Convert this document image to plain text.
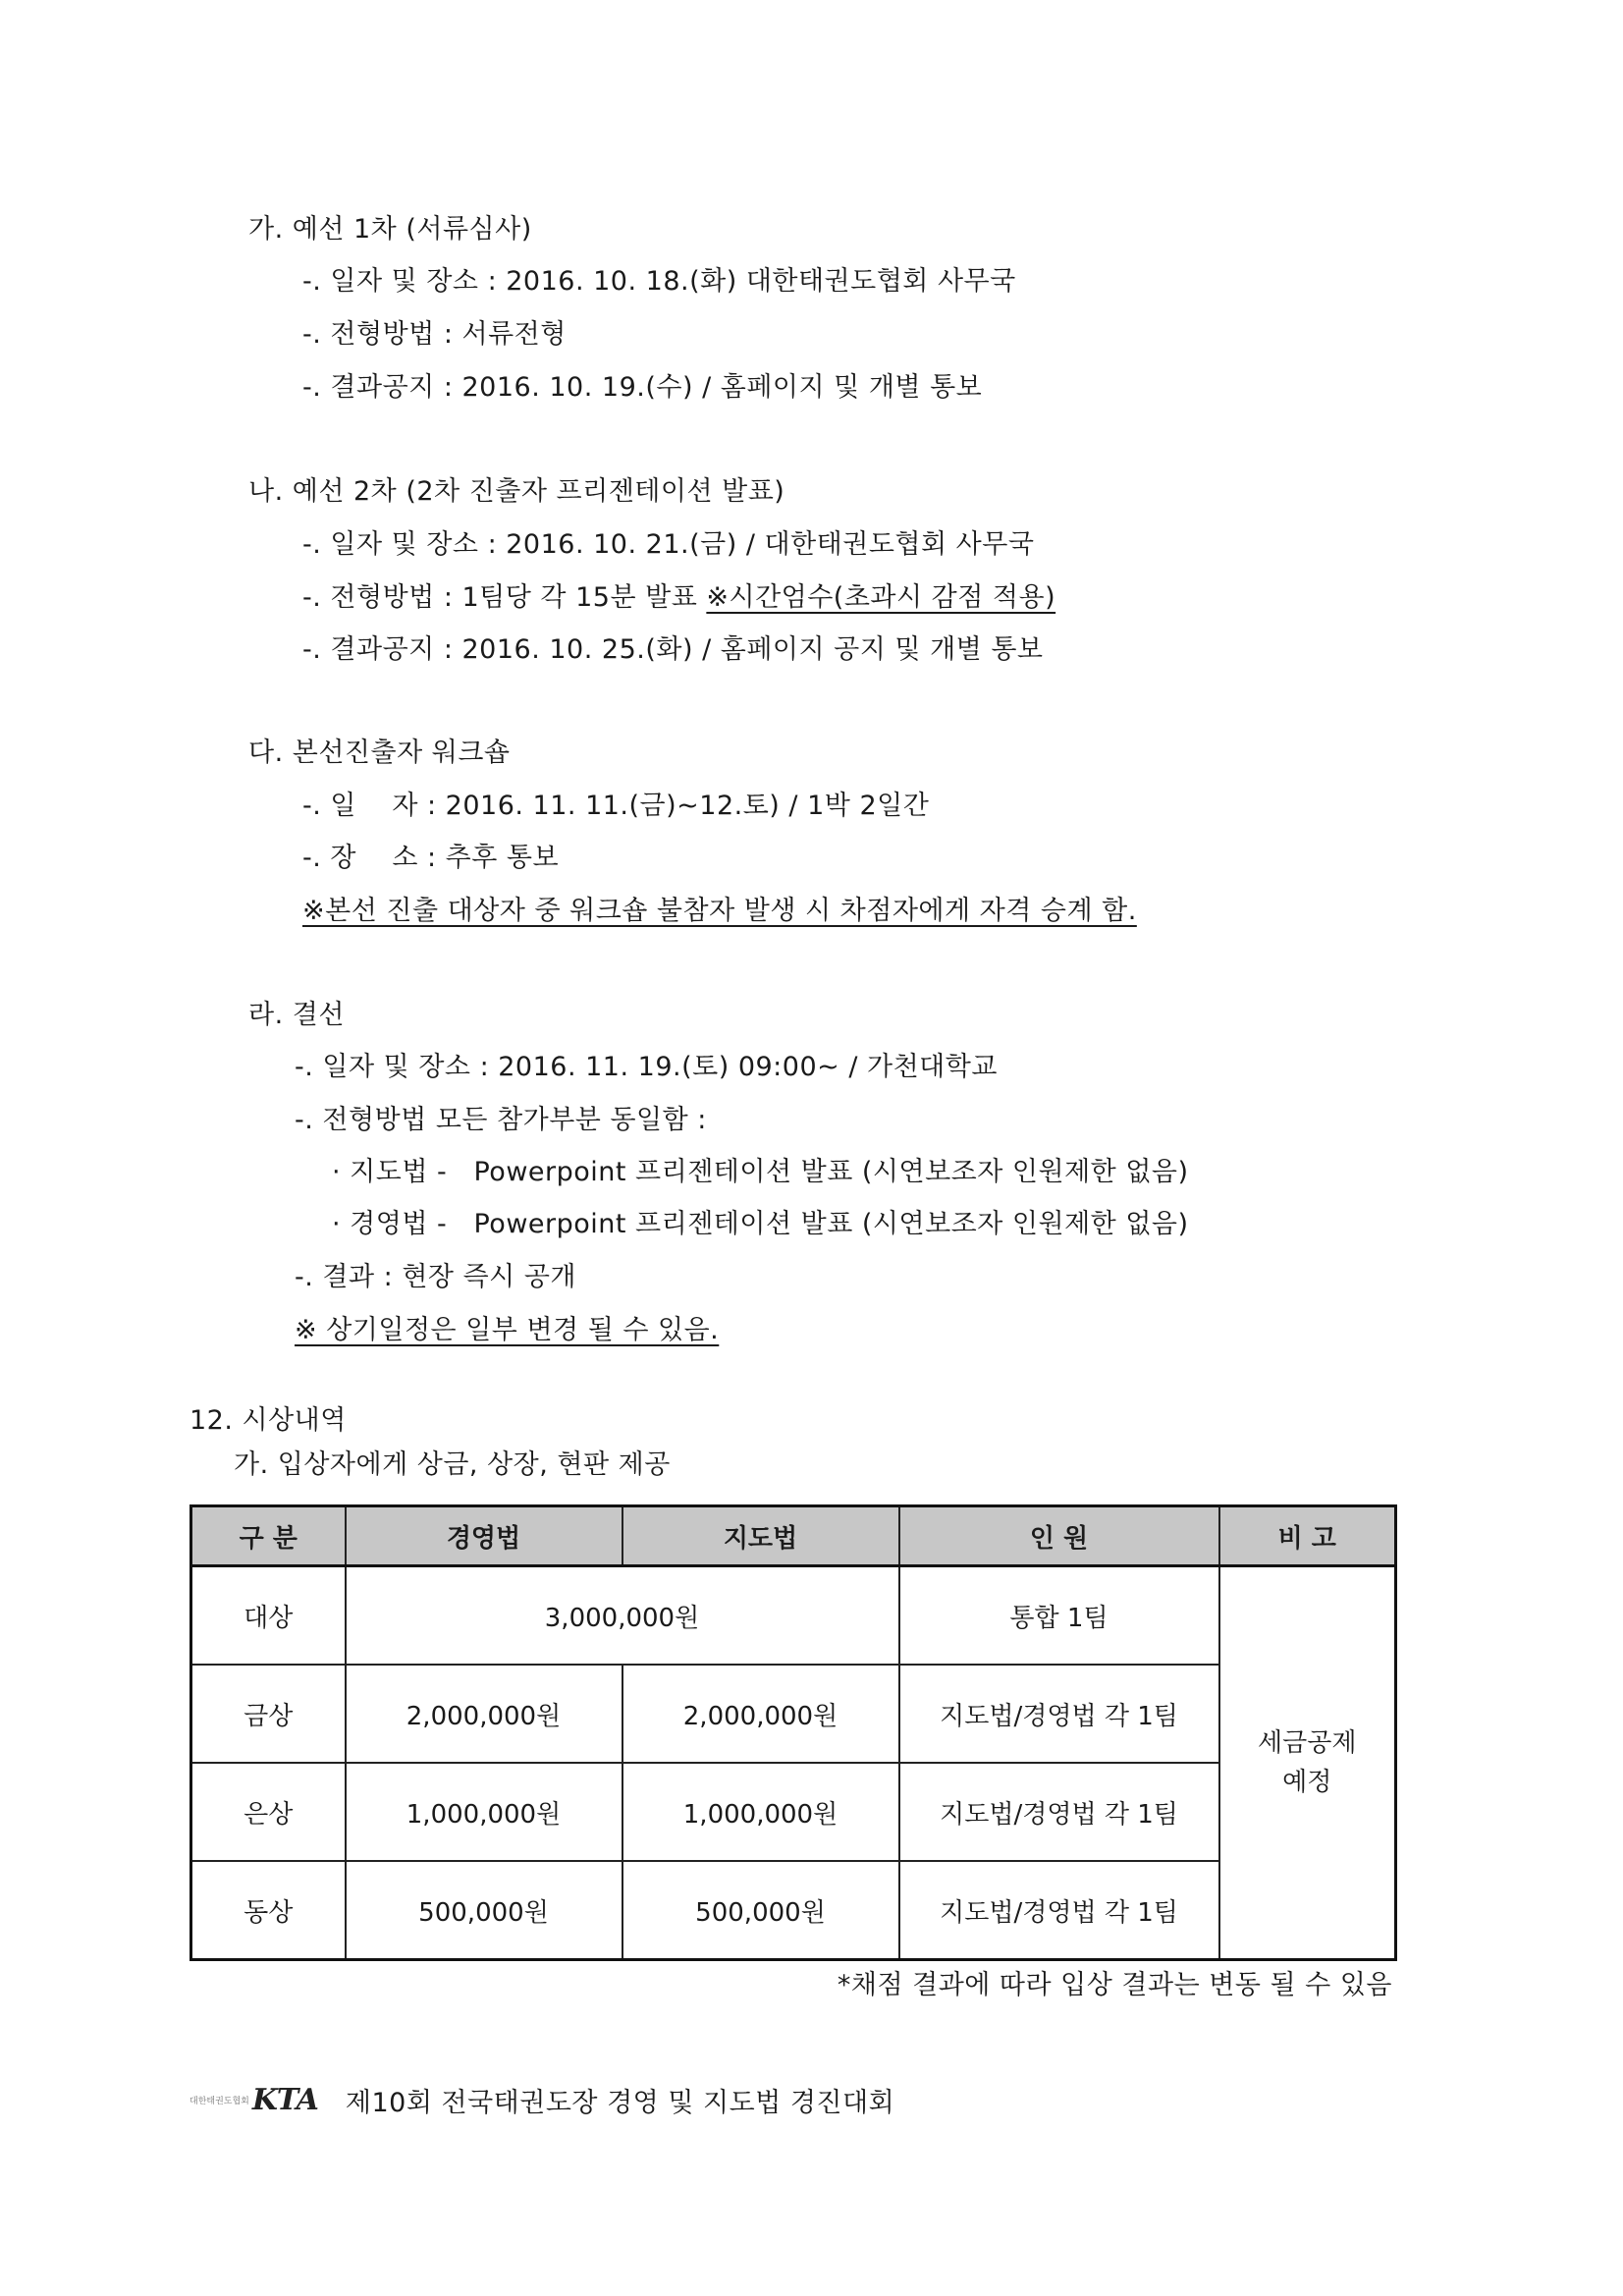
가. 예선 1차 (서류심사)
-. 일자 및 장소 : 2016. 10. 18.(화) 대한태권도협회 사무국
-. 전형방법 : 서류전형
-. 결과공지 : 2016. 10. 19.(수) / 홈페이지 및 개별 통보
나. 예선 2차 (2차 진출자 프리젠테이션 발표)
-. 일자 및 장소 : 2016. 10. 21.(금) / 대한태권도협회 사무국
-. 전형방법 : 1팀당 각 15분 발표 ※시간엄수(초과시 감점 적용)
-. 결과공지 : 2016. 10. 25.(화) / 홈페이지 공지 및 개별 통보
다. 본선진출자 워크숍
-. 일    자 : 2016. 11. 11.(금)~12.토) / 1박 2일간
-. 장    소 : 추후 통보
※본선 진출 대상자 중 워크숍 불참자 발생 시 차점자에게 자격 승계 함.
라. 결선
-. 일자 및 장소 : 2016. 11. 19.(토) 09:00~ / 가천대학교
-. 전형방법 모든 참가부분 동일함 :
· 지도법 -   Powerpoint 프리젠테이션 발표 (시연보조자 인원제한 없음)
· 경영법 -   Powerpoint 프리젠테이션 발표 (시연보조자 인원제한 없음)
-. 결과 : 현장 즉시 공개
※ 상기일정은 일부 변경 될 수 있음.
12. 시상내역
가. 입상자에게 상금, 상장, 현판 제공
구 분	경영법	지도법	인 원	비 고
대상	3,000,000원		통합 1팀	세금공제
예정

금상	2,000,000원	2,000,000원	지도법/경영법 각 1팀	
은상	1,000,000원	1,000,000원	지도법/경영법 각 1팀	
동상	500,000원	500,000원	지도법/경영법 각 1팀	
*채점 결과에 따라 입상 결과는 변동 될 수 있음
대한태권도협회 KTA 제10회 전국태권도장 경영 및 지도법 경진대회
